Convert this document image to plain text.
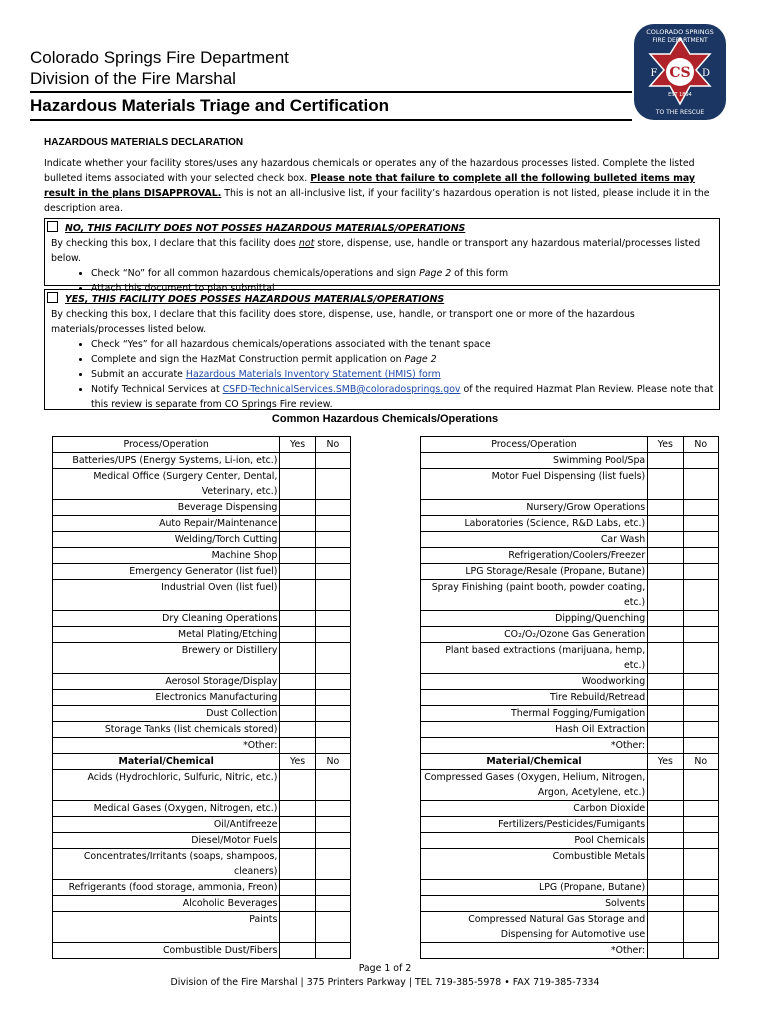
Colorado Springs Fire Department
Division of the Fire Marshal
Hazardous Materials Triage and Certification
COLORADO SPRINGS
FIRE DEPARTMENT
F CS D
EST 1894
TO THE RESCUE
HAZARDOUS MATERIALS DECLARATION
Indicate whether your facility stores/uses any hazardous chemicals or operates any of the hazardous processes listed. Complete the listed bulleted items associated with your selected check box. Please note that failure to complete all the following bulleted items may result in the plans DISAPPROVAL. This is not an all-inclusive list, if your facility’s hazardous operation is not listed, please include it in the description area.
NO, THIS FACILITY DOES NOT POSSES HAZARDOUS MATERIALS/OPERATIONS

By checking this box, I declare that this facility does not store, dispense, use, handle or transport any hazardous material/processes listed below.

• Check “No” for all common hazardous chemicals/operations and sign Page 2 of this form
• Attach this document to plan submittal
YES, THIS FACILITY DOES POSSES HAZARDOUS MATERIALS/OPERATIONS

By checking this box, I declare that this facility does store, dispense, use, handle, or transport one or more of the hazardous materials/processes listed below.

• Check “Yes” for all hazardous chemicals/operations associated with the tenant space
• Complete and sign the HazMat Construction permit application on Page 2
• Submit an accurate Hazardous Materials Inventory Statement (HMIS) form
• Notify Technical Services at CSFD-TechnicalServices.SMB@coloradosprings.gov of the required Hazmat Plan Review. Please note that this review is separate from CO Springs Fire review.
Common Hazardous Chemicals/Operations
Process/Operation	Yes	No		Process/Operation	Yes	No
Batteries/UPS (Energy Systems, Li-ion, etc.)				Swimming Pool/Spa		
Medical Office (Surgery Center, Dental, Veterinary, etc.)				Motor Fuel Dispensing (list fuels)		
Beverage Dispensing				Nursery/Grow Operations		
Auto Repair/Maintenance				Laboratories (Science, R&D Labs, etc.)		
Welding/Torch Cutting				Car Wash		
Machine Shop				Refrigeration/Coolers/Freezer		
Emergency Generator (list fuel)				LPG Storage/Resale (Propane, Butane)		
Industrial Oven (list fuel)				Spray Finishing (paint booth, powder coating, etc.)		
Dry Cleaning Operations				Dipping/Quenching		
Metal Plating/Etching				CO₂/O₂/Ozone Gas Generation		
Brewery or Distillery				Plant based extractions (marijuana, hemp, etc.)		
Aerosol Storage/Display				Woodworking		
Electronics Manufacturing				Tire Rebuild/Retread		
Dust Collection				Thermal Fogging/Fumigation		
Storage Tanks (list chemicals stored)				Hash Oil Extraction		
*Other:				*Other:		
Material/Chemical	Yes	No		Material/Chemical	Yes	No
Acids (Hydrochloric, Sulfuric, Nitric, etc.)				Compressed Gases (Oxygen, Helium, Nitrogen, Argon, Acetylene, etc.)		
Medical Gases (Oxygen, Nitrogen, etc.)				Carbon Dioxide		
Oil/Antifreeze				Fertilizers/Pesticides/Fumigants		
Diesel/Motor Fuels				Pool Chemicals		
Concentrates/Irritants (soaps, shampoos, cleaners)				Combustible Metals		
Refrigerants (food storage, ammonia, Freon)				LPG (Propane, Butane)		
Alcoholic Beverages				Solvents		
Paints				Compressed Natural Gas Storage and Dispensing for Automotive use		
Combustible Dust/Fibers				*Other:		
Page 1 of 2
Division of the Fire Marshal | 375 Printers Parkway | TEL 719-385-5978 • FAX 719-385-7334
